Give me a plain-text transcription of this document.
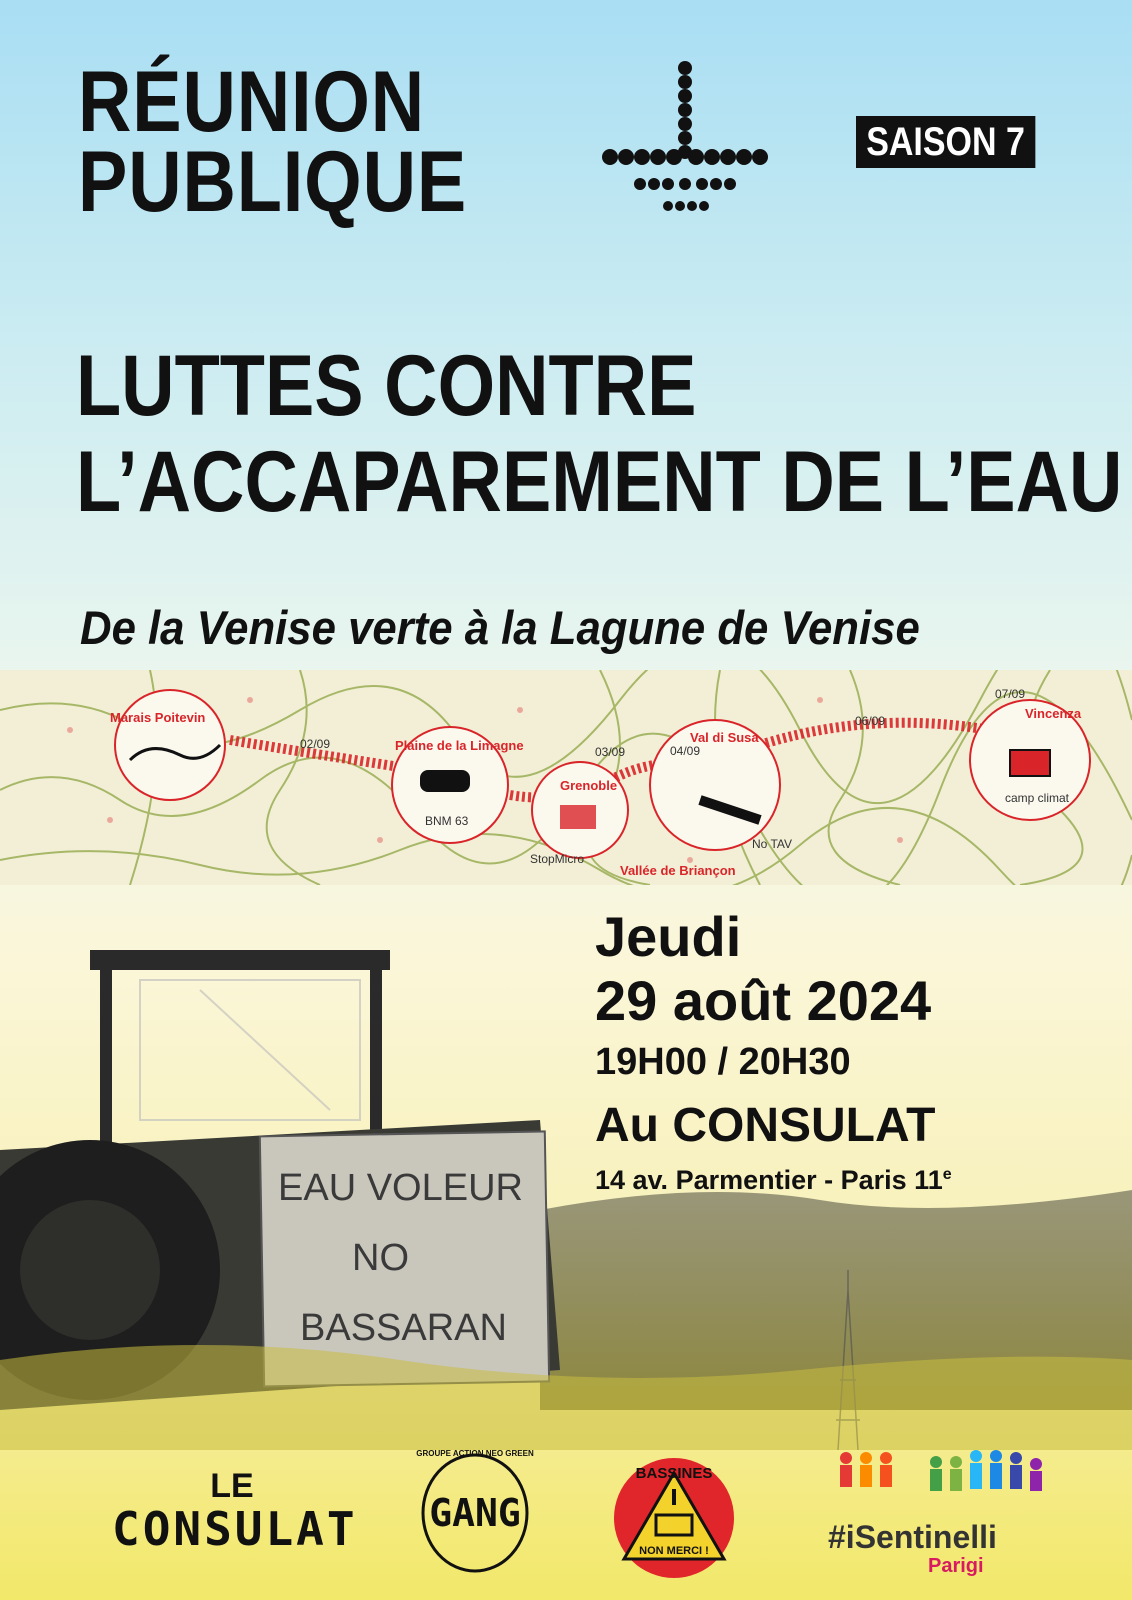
RÉUNION
PUBLIQUE	SAISON 7
LUTTES CONTRE
L’ACCAPAREMENT DE L’EAU
De la Venise verte à la Lagune de Venise
Marais Poitevin
Plaine de la Limagne
Grenoble
Val di Susa
Vincenza
Vallée de Briançon
02/09
03/09	04/09
06/09
07/09
BNM 63
StopMicro
No TAV
camp climat
EAU VOLEUR
NO
BASSARAN
Jeudi
29 août 2024
19H00 / 20H30
Au CONSULAT
14 av. Parmentier - Paris 11e
LE
CONSULAT
GROUPE ACTION NEO GREEN
GANG
BASSINES
NON MERCI !	#iSentinelli
Parigi
